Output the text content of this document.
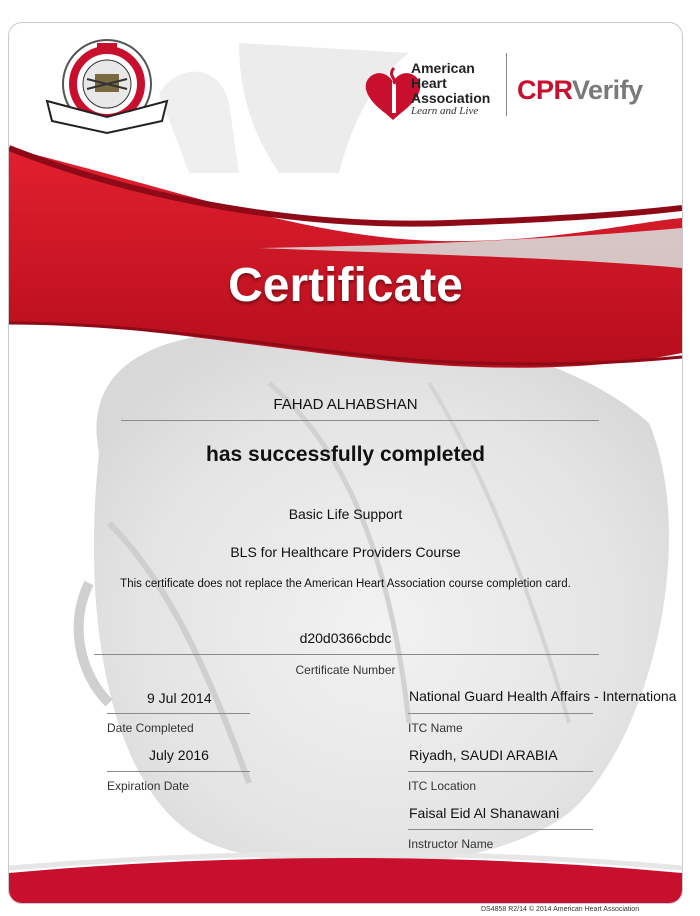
American
Heart
Association
Learn and Live
CPRVerify
Certificate
FAHAD ALHABSHAN
has successfully completed
Basic Life Support
BLS for Healthcare Providers Course
This certificate does not replace the American Heart Association course completion card.
d20d0366cbdc
Certificate Number
9 Jul 2014
Date Completed
July 2016
Expiration Date
National Guard Health Affairs - Internationa
ITC Name
Riyadh, SAUDI ARABIA
ITC Location
Faisal Eid Al Shanawani
Instructor Name
DS4858 R2/14 © 2014 American Heart Association
